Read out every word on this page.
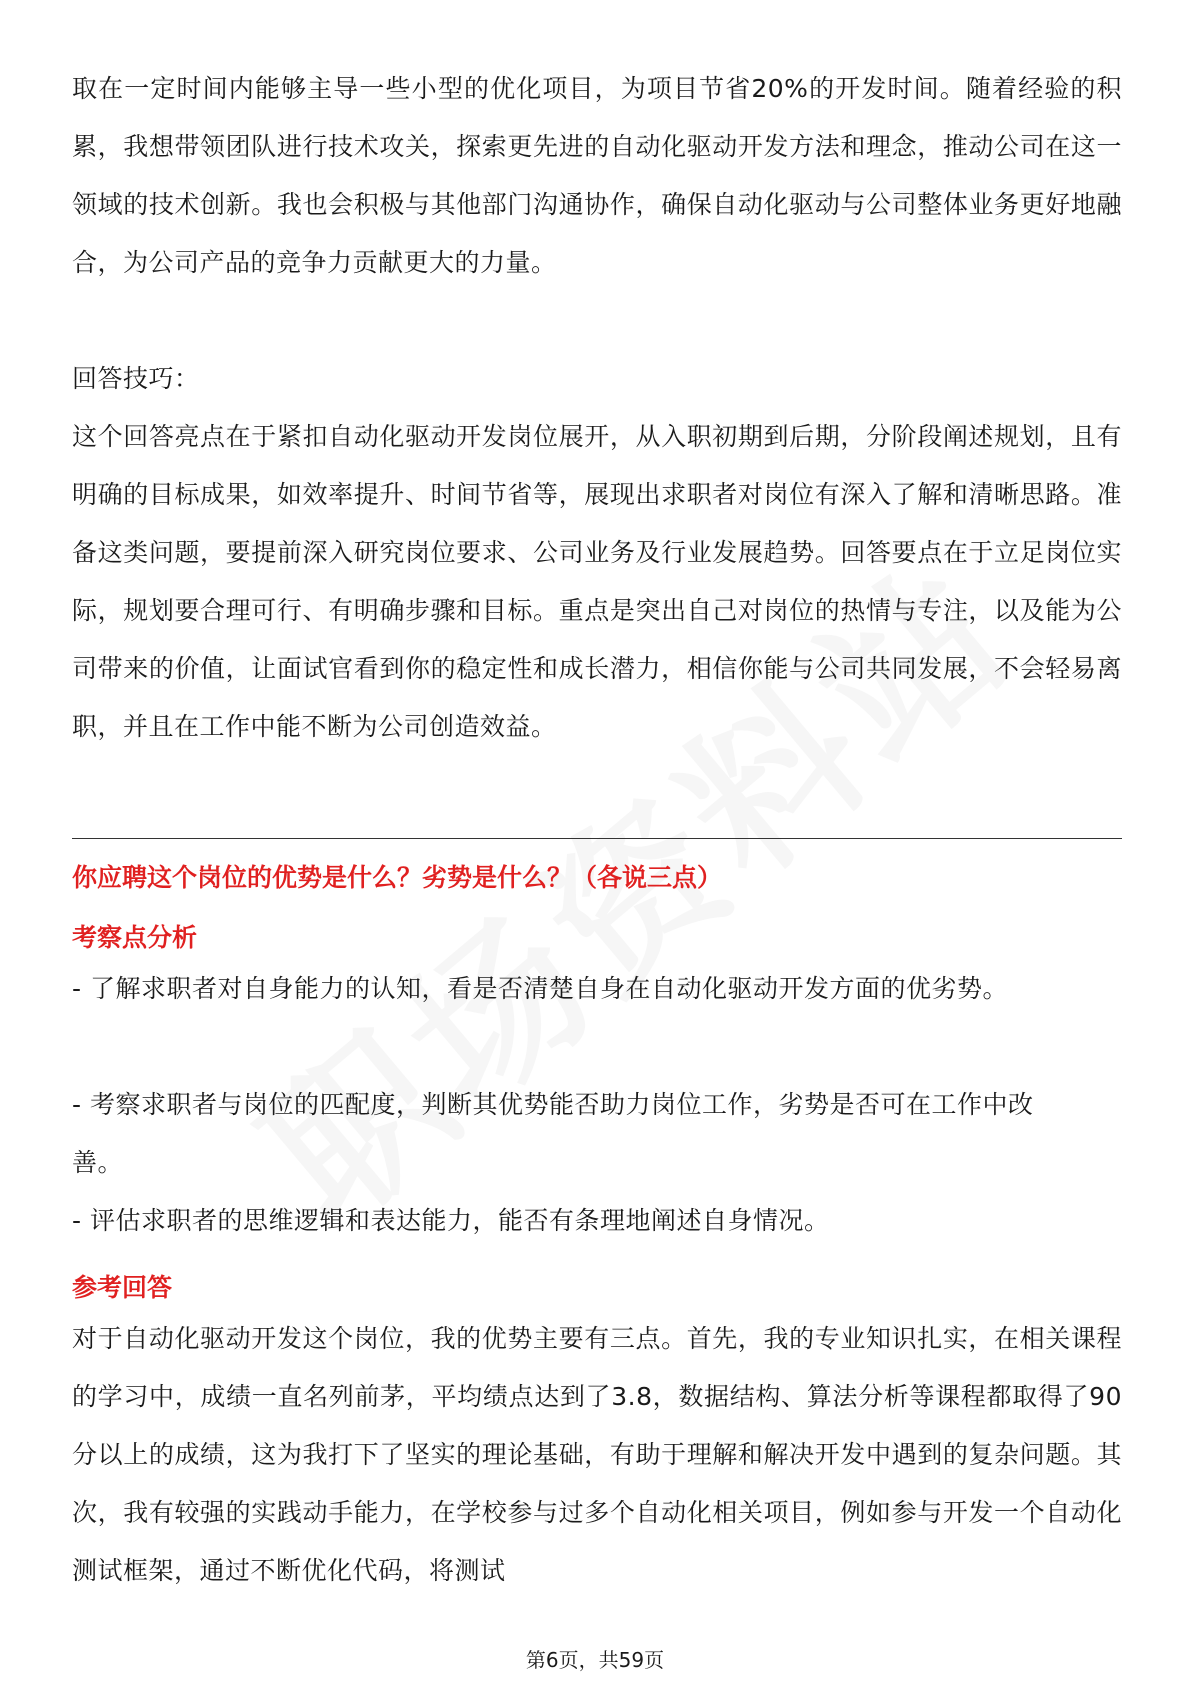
取在一定时间内能够主导一些小型的优化项目，为项目节省20%的开发时间。随着经验的积累，我想带领团队进行技术攻关，探索更先进的自动化驱动开发方法和理念，推动公司在这一领域的技术创新。我也会积极与其他部门沟通协作，确保自动化驱动与公司整体业务更好地融合，为公司产品的竞争力贡献更大的力量。

回答技巧：

这个回答亮点在于紧扣自动化驱动开发岗位展开，从入职初期到后期，分阶段阐述规划，且有明确的目标成果，如效率提升、时间节省等，展现出求职者对岗位有深入了解和清晰思路。准备这类问题，要提前深入研究岗位要求、公司业务及行业发展趋势。回答要点在于立足岗位实际，规划要合理可行、有明确步骤和目标。重点是突出自己对岗位的热情与专注，以及能为公司带来的价值，让面试官看到你的稳定性和成长潜力，相信你能与公司共同发展，不会轻易离职，并且在工作中能不断为公司创造效益。

你应聘这个岗位的优势是什么？劣势是什么？（各说三点）

考察点分析

- 了解求职者对自身能力的认知，看是否清楚自身在自动化驱动开发方面的优劣势。

- 考察求职者与岗位的匹配度，判断其优势能否助力岗位工作，劣势是否可在工作中改善。

- 评估求职者的思维逻辑和表达能力，能否有条理地阐述自身情况。

参考回答

对于自动化驱动开发这个岗位，我的优势主要有三点。首先，我的专业知识扎实，在相关课程的学习中，成绩一直名列前茅，平均绩点达到了3.8，数据结构、算法分析等课程都取得了90分以上的成绩，这为我打下了坚实的理论基础，有助于理解和解决开发中遇到的复杂问题。其次，我有较强的实践动手能力，在学校参与过多个自动化相关项目，例如参与开发一个自动化测试框架，通过不断优化代码，将测试

第6页，共59页
